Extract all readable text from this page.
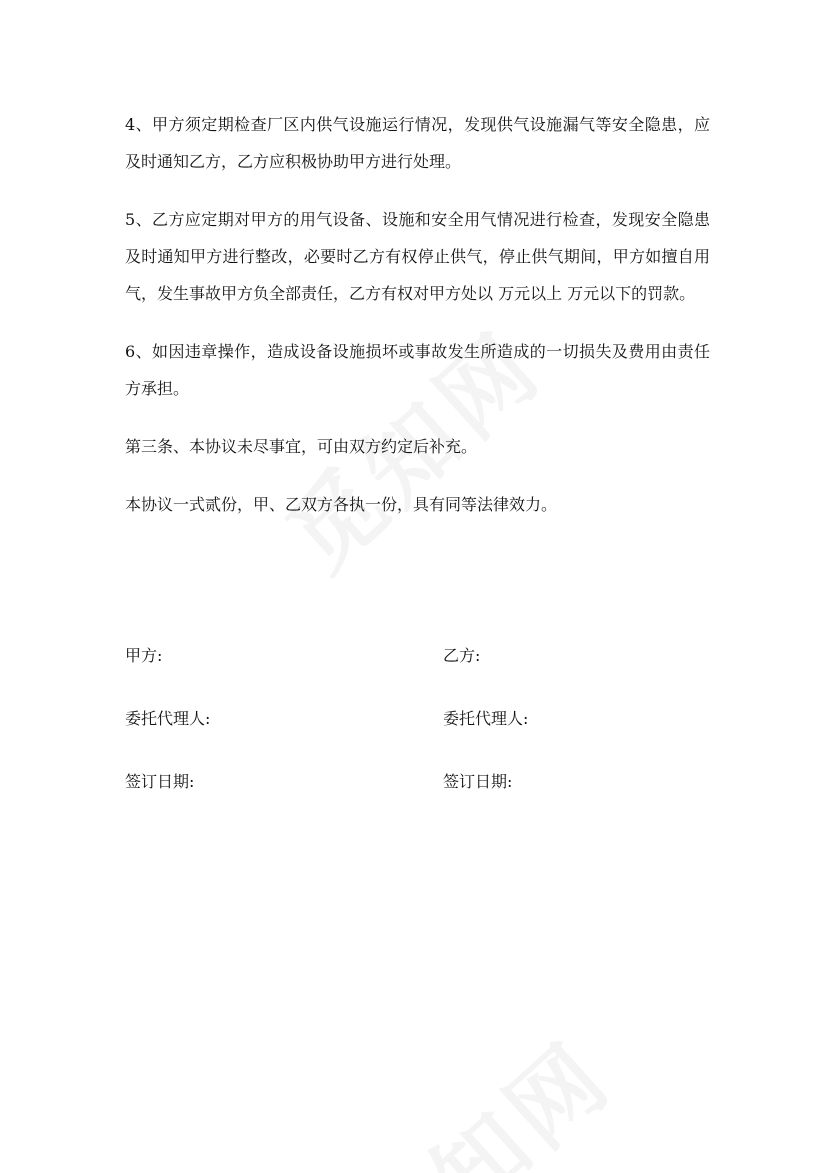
4、甲方须定期检查厂区内供气设施运行情况，发现供气设施漏气等安全隐患，应及时通知乙方，乙方应积极协助甲方进行处理。

5、乙方应定期对甲方的用气设备、设施和安全用气情况进行检查，发现安全隐患及时通知甲方进行整改，必要时乙方有权停止供气，停止供气期间，甲方如擅自用气，发生事故甲方负全部责任，乙方有权对甲方处以 万元以上 万元以下的罚款。

6、如因违章操作，造成设备设施损坏或事故发生所造成的一切损失及费用由责任方承担。

第三条、本协议未尽事宜，可由双方约定后补充。

本协议一式贰份，甲、乙双方各执一份，具有同等法律效力。

甲方:	乙方:
委托代理人:	委托代理人:
签订日期:	签订日期:
